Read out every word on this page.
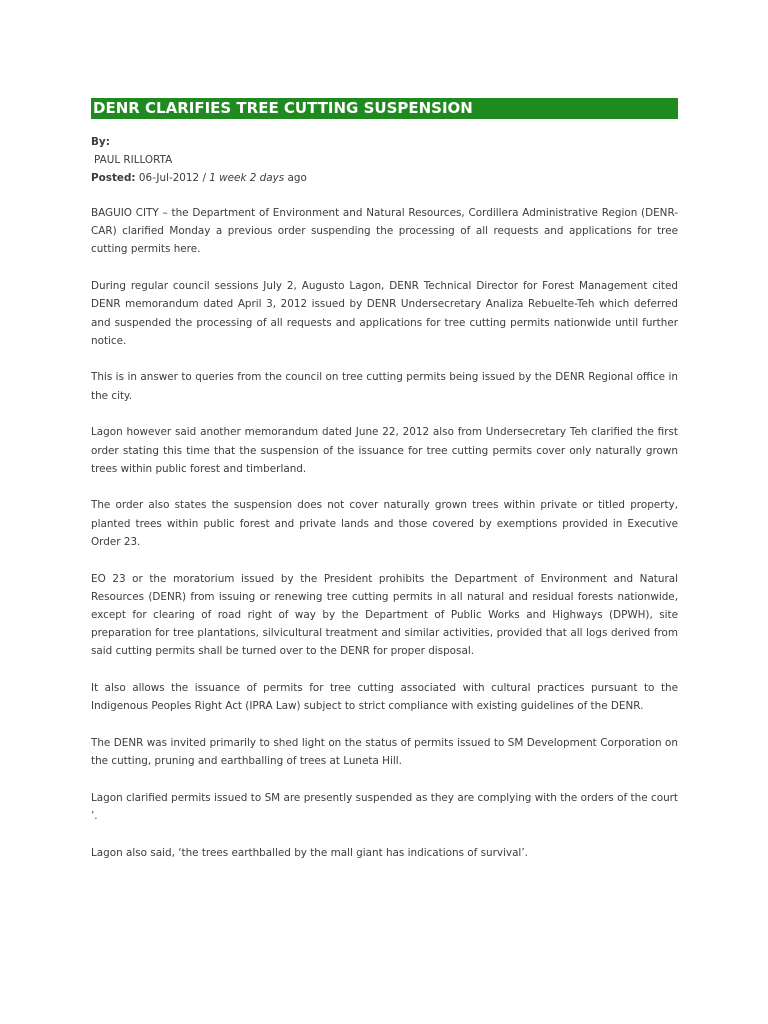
DENR CLARIFIES TREE CUTTING SUSPENSION
By:
PAUL RILLORTA
Posted: 06-Jul-2012 / 1 week 2 days ago

BAGUIO CITY – the Department of Environment and Natural Resources, Cordillera Administrative Region (DENR-CAR) clarified Monday a previous order suspending the processing of all requests and applications for tree cutting permits here.

During regular council sessions July 2, Augusto Lagon, DENR Technical Director for Forest Management cited DENR memorandum dated April 3, 2012 issued by DENR Undersecretary Analiza Rebuelte-Teh which deferred and suspended the processing of all requests and applications for tree cutting permits nationwide until further notice.

This is in answer to queries from the council on tree cutting permits being issued by the DENR Regional office in the city.

Lagon however said another memorandum dated June 22, 2012 also from Undersecretary Teh clarified the first order stating this time that the suspension of the issuance for tree cutting permits cover only naturally grown trees within public forest and timberland.

The order also states the suspension does not cover naturally grown trees within private or titled property, planted trees within public forest and private lands and those covered by exemptions provided in Executive Order 23.

EO 23 or the moratorium issued by the President prohibits the Department of Environment and Natural Resources (DENR) from issuing or renewing tree cutting permits in all natural and residual forests nationwide, except for clearing of road right of way by the Department of Public Works and Highways (DPWH), site preparation for tree plantations, silvicultural treatment and similar activities, provided that all logs derived from said cutting permits shall be turned over to the DENR for proper disposal.

It also allows the issuance of permits for tree cutting associated with cultural practices pursuant to the Indigenous Peoples Right Act (IPRA Law) subject to strict compliance with existing guidelines of the DENR.

The DENR was invited primarily to shed light on the status of permits issued to SM Development Corporation on the cutting, pruning and earthballing of trees at Luneta Hill.

Lagon clarified permits issued to SM are presently suspended as they are complying with the orders of the court ’.

Lagon also said, ‘the trees earthballed by the mall giant has indications of survival’.
